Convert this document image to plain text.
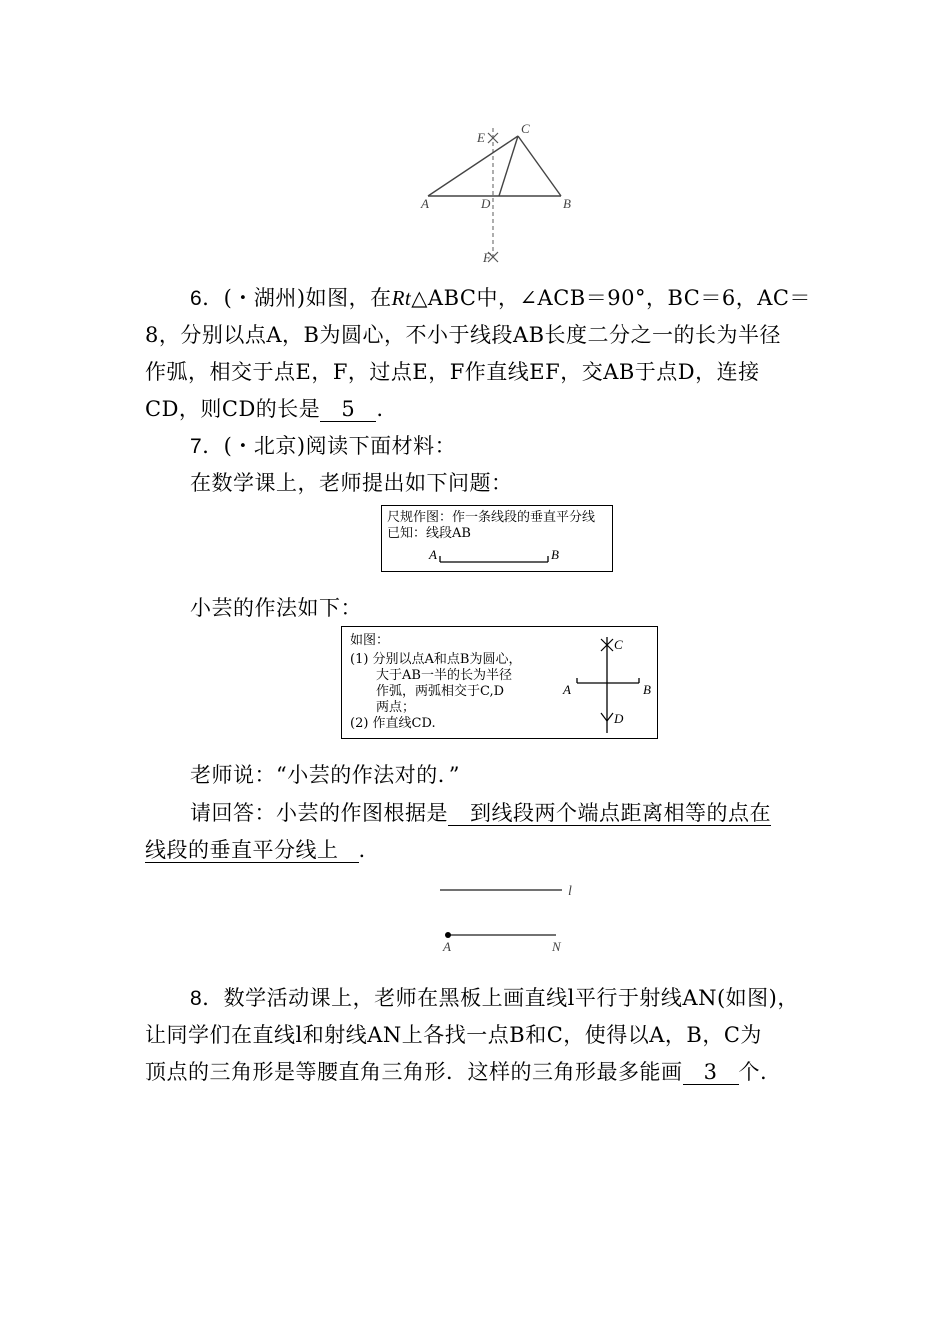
E
C
A	D	B
F
6．(・湖州)如图，在Rt△ABC中，∠ACB＝90°，BC＝6，AC＝
8，分别以点A，B为圆心，不小于线段AB长度二分之一的长为半径
作弧，相交于点E，F，过点E，F作直线EF，交AB于点D，连接
CD，则CD的长是 5 .
7．(・北京)阅读下面材料：
在数学课上，老师提出如下问题：
尺规作图：作一条线段的垂直平分线
已知：线段AB
A	B
小芸的作法如下：
如图：
(1) 分别以点A和点B为圆心，
大于AB一半的长为半径
作弧，两弧相交于C,D
两点；
(2) 作直线CD.
C
A	B
D
老师说：“小芸的作法对的．”
请回答：小芸的作图根据是 到线段两个端点距离相等的点在
线段的垂直平分线上 .
l
A	N
8．数学活动课上，老师在黑板上画直线l平行于射线AN(如图)，
让同学们在直线l和射线AN上各找一点B和C，使得以A，B，C为
顶点的三角形是等腰直角三角形．这样的三角形最多能画 3 个.
